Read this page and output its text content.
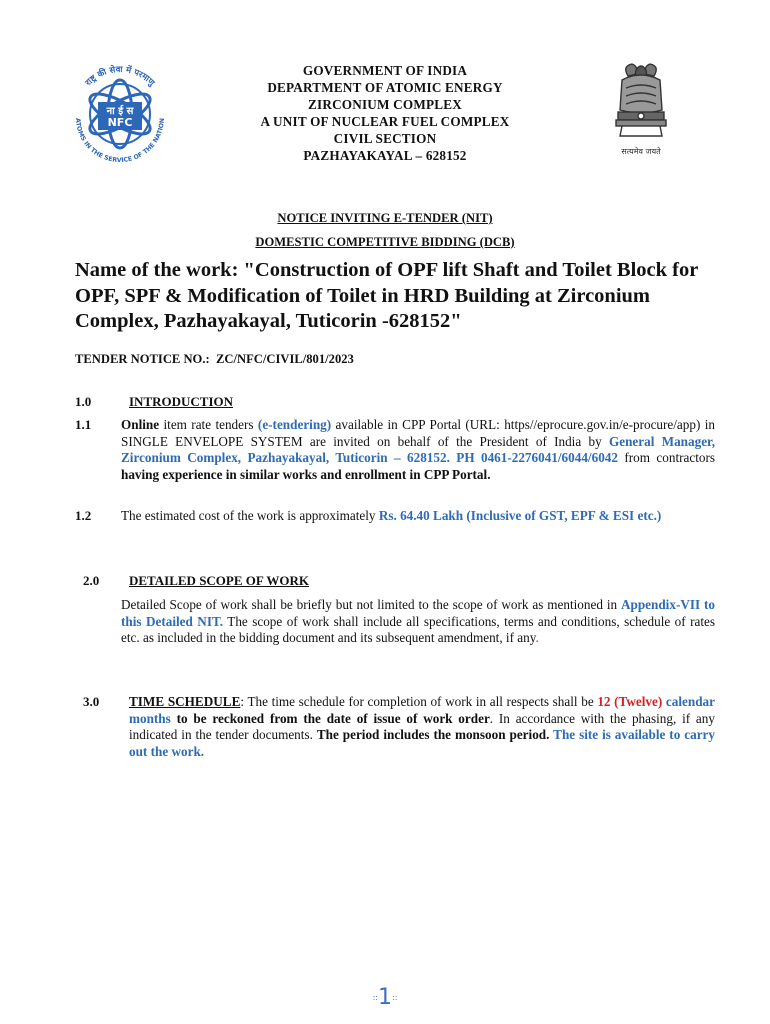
ना ई स
NFC
राष्ट्र की सेवा में परमाणु
ATOMS IN THE SERVICE OF THE NATION
GOVERNMENT OF INDIA
DEPARTMENT OF ATOMIC ENERGY
ZIRCONIUM COMPLEX
A UNIT OF NUCLEAR FUEL COMPLEX
CIVIL SECTION
PAZHAYAKAYAL – 628152	सत्यमेव जयते
NOTICE INVITING E-TENDER (NIT)
DOMESTIC COMPETITIVE BIDDING (DCB)
Name of the work: "Construction of OPF lift Shaft and Toilet Block for OPF, SPF & Modification of Toilet in HRD Building at Zirconium Complex, Pazhayakayal, Tuticorin -628152"
TENDER NOTICE NO.: ZC/NFC/CIVIL/801/2023
1.0	INTRODUCTION
1.1 Online item rate tenders (e-tendering) available in CPP Portal (URL: https//eprocure.gov.in/e-procure/app) in SINGLE ENVELOPE SYSTEM are invited on behalf of the President of India by General Manager, Zirconium Complex, Pazhayakayal, Tuticorin – 628152. PH 0461-2276041/6044/6042 from contractors having experience in similar works and enrollment in CPP Portal.
1.2 The estimated cost of the work is approximately Rs. 64.40 Lakh (Inclusive of GST, EPF & ESI etc.)
2.0 DETAILED SCOPE OF WORK
Detailed Scope of work shall be briefly but not limited to the scope of work as mentioned in Appendix-VII to this Detailed NIT. The scope of work shall include all specifications, terms and conditions, schedule of rates etc. as included in the bidding document and its subsequent amendment, if any.
3.0 TIME SCHEDULE: The time schedule for completion of work in all respects shall be 12 (Twelve) calendar months to be reckoned from the date of issue of work order. In accordance with the phasing, if any indicated in the tender documents. The period includes the monsoon period. The site is available to carry out the work.
::1::
